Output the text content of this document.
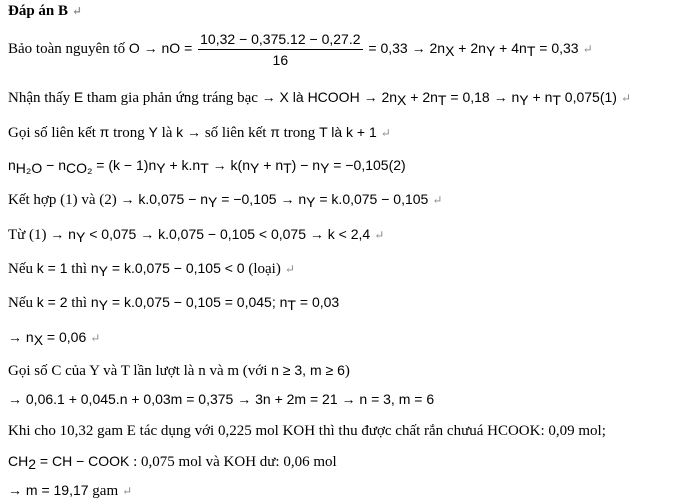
Đáp án B ↵
Bảo toàn nguyên tố O → nO = $\frac{10,32 - 0,375.12 - 0,27.2}{16} = 0,33 \to 2n_X + 2n_Y + 4n_T = 0,33$ ↵
Nhận thấy E tham gia phản ứng tráng bạc → X là HCOOH → $2n_X + 2n_T = 0,18 \to n_Y + n_T$ 0,075(1) ↵
Gọi số liên kết π trong Y là k → số liên kết π trong T là k + 1 ↵
$n_{H_2O} - n_{CO_2} = (k - 1)n_Y + k.n_T \to k(n_Y + n_T) - n_Y = -0,105(2)$
Kết hợp (1) và $(2) \to k.0,075 - n_Y = -0,105 \to n_Y = k.0,075 - 0,105$ ↵
Từ $(1) \to n_Y < 0,075 \to k.0,075 - 0,105 < 0,075 \to k < 2,4$ ↵
Nếu k = 1 thì $n_Y = k.0,075 - 0,105 < 0$ (loại) ↵
Nếu k = 2 thì $n_Y = k.0,075 - 0,105 = 0,045$; $n_T = 0,03$
→ $n_X = 0,06$ ↵
Gọi số C của Y và T lần lượt là n và m (với n ≥ 3, m ≥ 6)
→ 0,06.1 + 0,045.n + 0,03m = 0,375 → 3n + 2m = 21 → n = 3, m = 6
Khi cho 10,32 gam E tác dụng với 0,225 mol KOH thì thu được chất rắn chưuá HCOOK: 0,09 mol;
$CH_2$ = CH − COOK : 0,075 mol và KOH dư: 0,06 mol
→ m = 19,17 gam ↵
